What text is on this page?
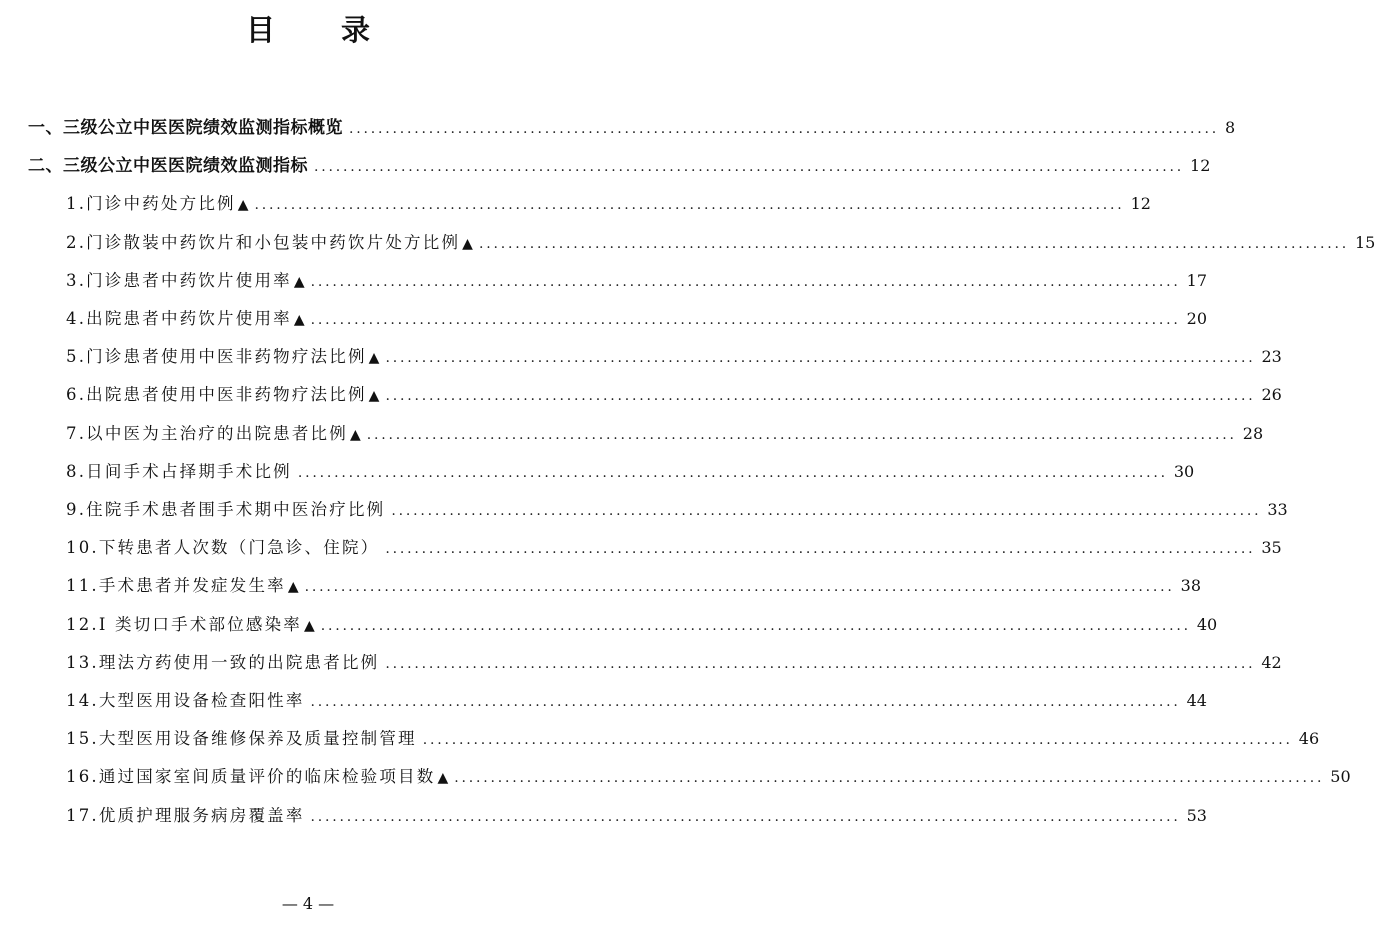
目 录
一、三级公立中医医院绩效监测指标概览 ........................................................................................................................ 8
二、三级公立中医医院绩效监测指标 ........................................................................................................................ 12
1.门诊中药处方比例 ▲ ........................................................................................................................ 12
2.门诊散装中药饮片和小包装中药饮片处方比例 ▲ ........................................................................................................................ 15
3.门诊患者中药饮片使用率 ▲ ........................................................................................................................ 17
4.出院患者中药饮片使用率 ▲ ........................................................................................................................ 20
5.门诊患者使用中医非药物疗法比例 ▲ ........................................................................................................................ 23
6.出院患者使用中医非药物疗法比例 ▲ ........................................................................................................................ 26
7.以中医为主治疗的出院患者比例 ▲ ........................................................................................................................ 28
8.日间手术占择期手术比例 ........................................................................................................................ 30
9.住院手术患者围手术期中医治疗比例 ........................................................................................................................ 33
10.下转患者人次数（门急诊、住院） ........................................................................................................................ 35
11.手术患者并发症发生率 ▲ ........................................................................................................................ 38
12.I 类切口手术部位感染率 ▲ ........................................................................................................................ 40
13.理法方药使用一致的出院患者比例 ........................................................................................................................ 42
14.大型医用设备检查阳性率 ........................................................................................................................ 44
15.大型医用设备维修保养及质量控制管理 ........................................................................................................................ 46
16.通过国家室间质量评价的临床检验项目数 ▲ ........................................................................................................................ 50
17.优质护理服务病房覆盖率 ........................................................................................................................ 53
— 4 —
